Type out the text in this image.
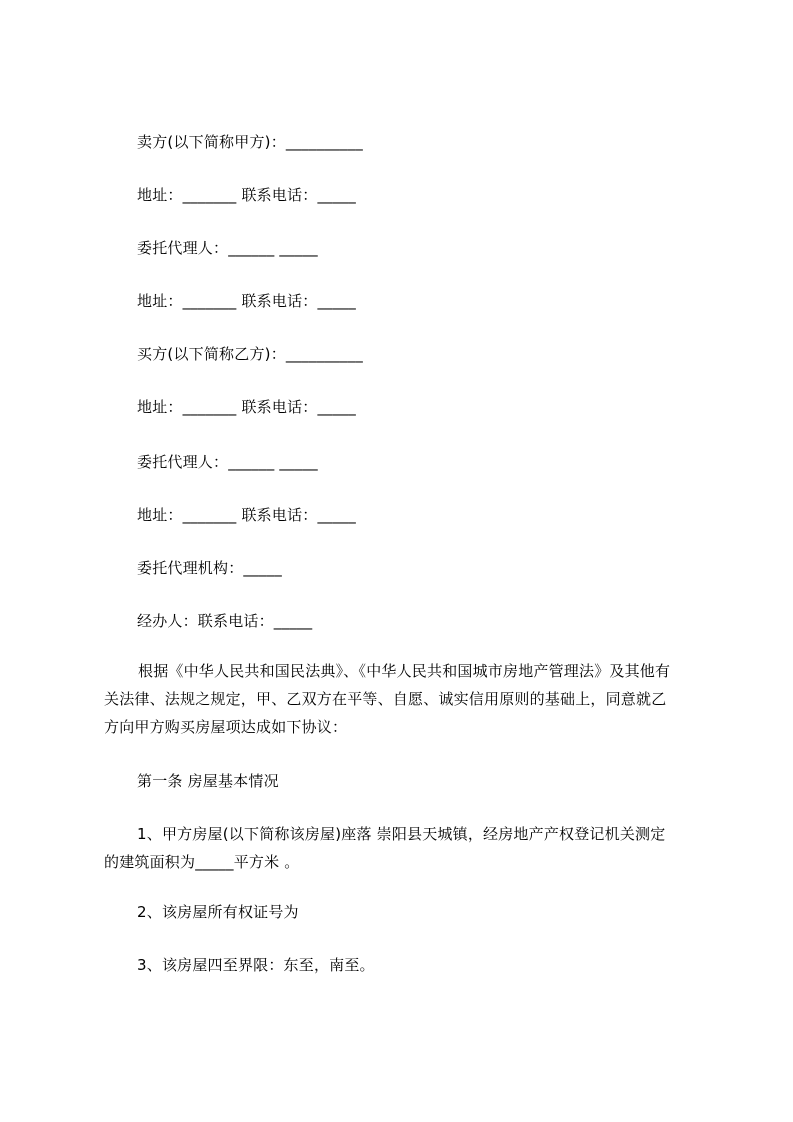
卖方(以下简称甲方)：__________
地址：_______ 联系电话：_____
委托代理人：______ _____
地址：_______ 联系电话：_____
买方(以下简称乙方)：__________
地址：_______ 联系电话：_____
委托代理人：______ _____
地址：_______ 联系电话：_____
委托代理机构：_____
经办人：联系电话：_____
根据《中华人民共和国民法典》、《中华人民共和国城市房地产管理法》及其他有
关法律、法规之规定，甲、乙双方在平等、自愿、诚实信用原则的基础上，同意就乙
方向甲方购买房屋项达成如下协议：
第一条 房屋基本情况
1、甲方房屋(以下简称该房屋)座落 崇阳县天城镇，经房地产产权登记机关测定
的建筑面积为_____平方米 。
2、该房屋所有权证号为
3、该房屋四至界限：东至，南至。
